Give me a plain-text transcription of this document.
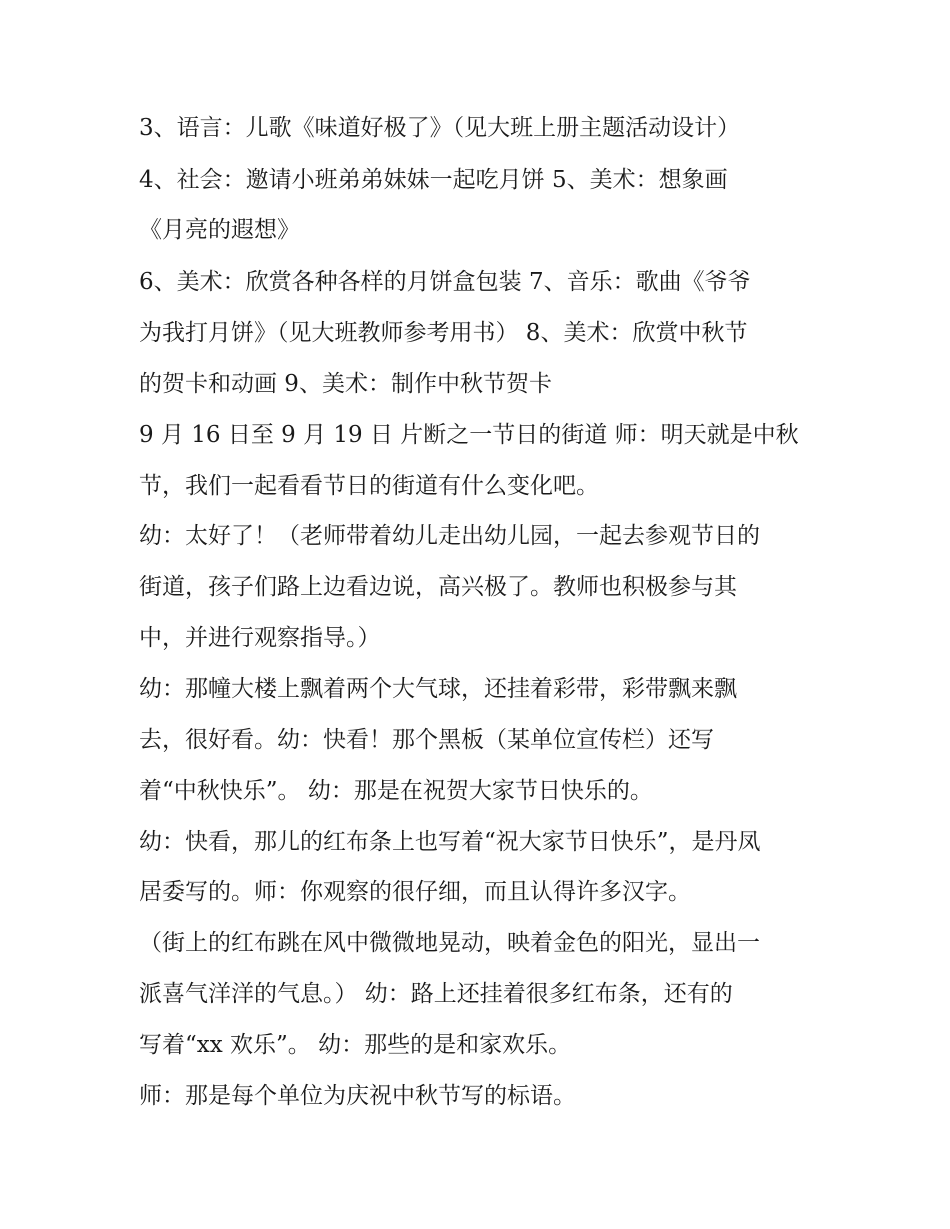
3、语言：儿歌《味道好极了》（见大班上册主题活动设计）
4、社会：邀请小班弟弟妹妹一起吃月饼 5、美术：想象画
《月亮的遐想》
6、美术：欣赏各种各样的月饼盒包装 7、音乐：歌曲《爷爷
为我打月饼》（见大班教师参考用书） 8、美术：欣赏中秋节
的贺卡和动画 9、美术：制作中秋节贺卡
9 月 16 日至 9 月 19 日 片断之一节日的街道 师：明天就是中秋
节，我们一起看看节日的街道有什么变化吧。
幼：太好了！（老师带着幼儿走出幼儿园，一起去参观节日的
街道，孩子们路上边看边说，高兴极了。教师也积极参与其
中，并进行观察指导。）
幼：那幢大楼上飘着两个大气球，还挂着彩带，彩带飘来飘
去，很好看。幼：快看！那个黑板（某单位宣传栏）还写
着“中秋快乐”。 幼：那是在祝贺大家节日快乐的。
幼：快看，那儿的红布条上也写着“祝大家节日快乐”，是丹凤
居委写的。师：你观察的很仔细，而且认得许多汉字。
（街上的红布跳在风中微微地晃动，映着金色的阳光，显出一
派喜气洋洋的气息。） 幼：路上还挂着很多红布条，还有的
写着“xx 欢乐”。 幼：那些的是和家欢乐。
师：那是每个单位为庆祝中秋节写的标语。
